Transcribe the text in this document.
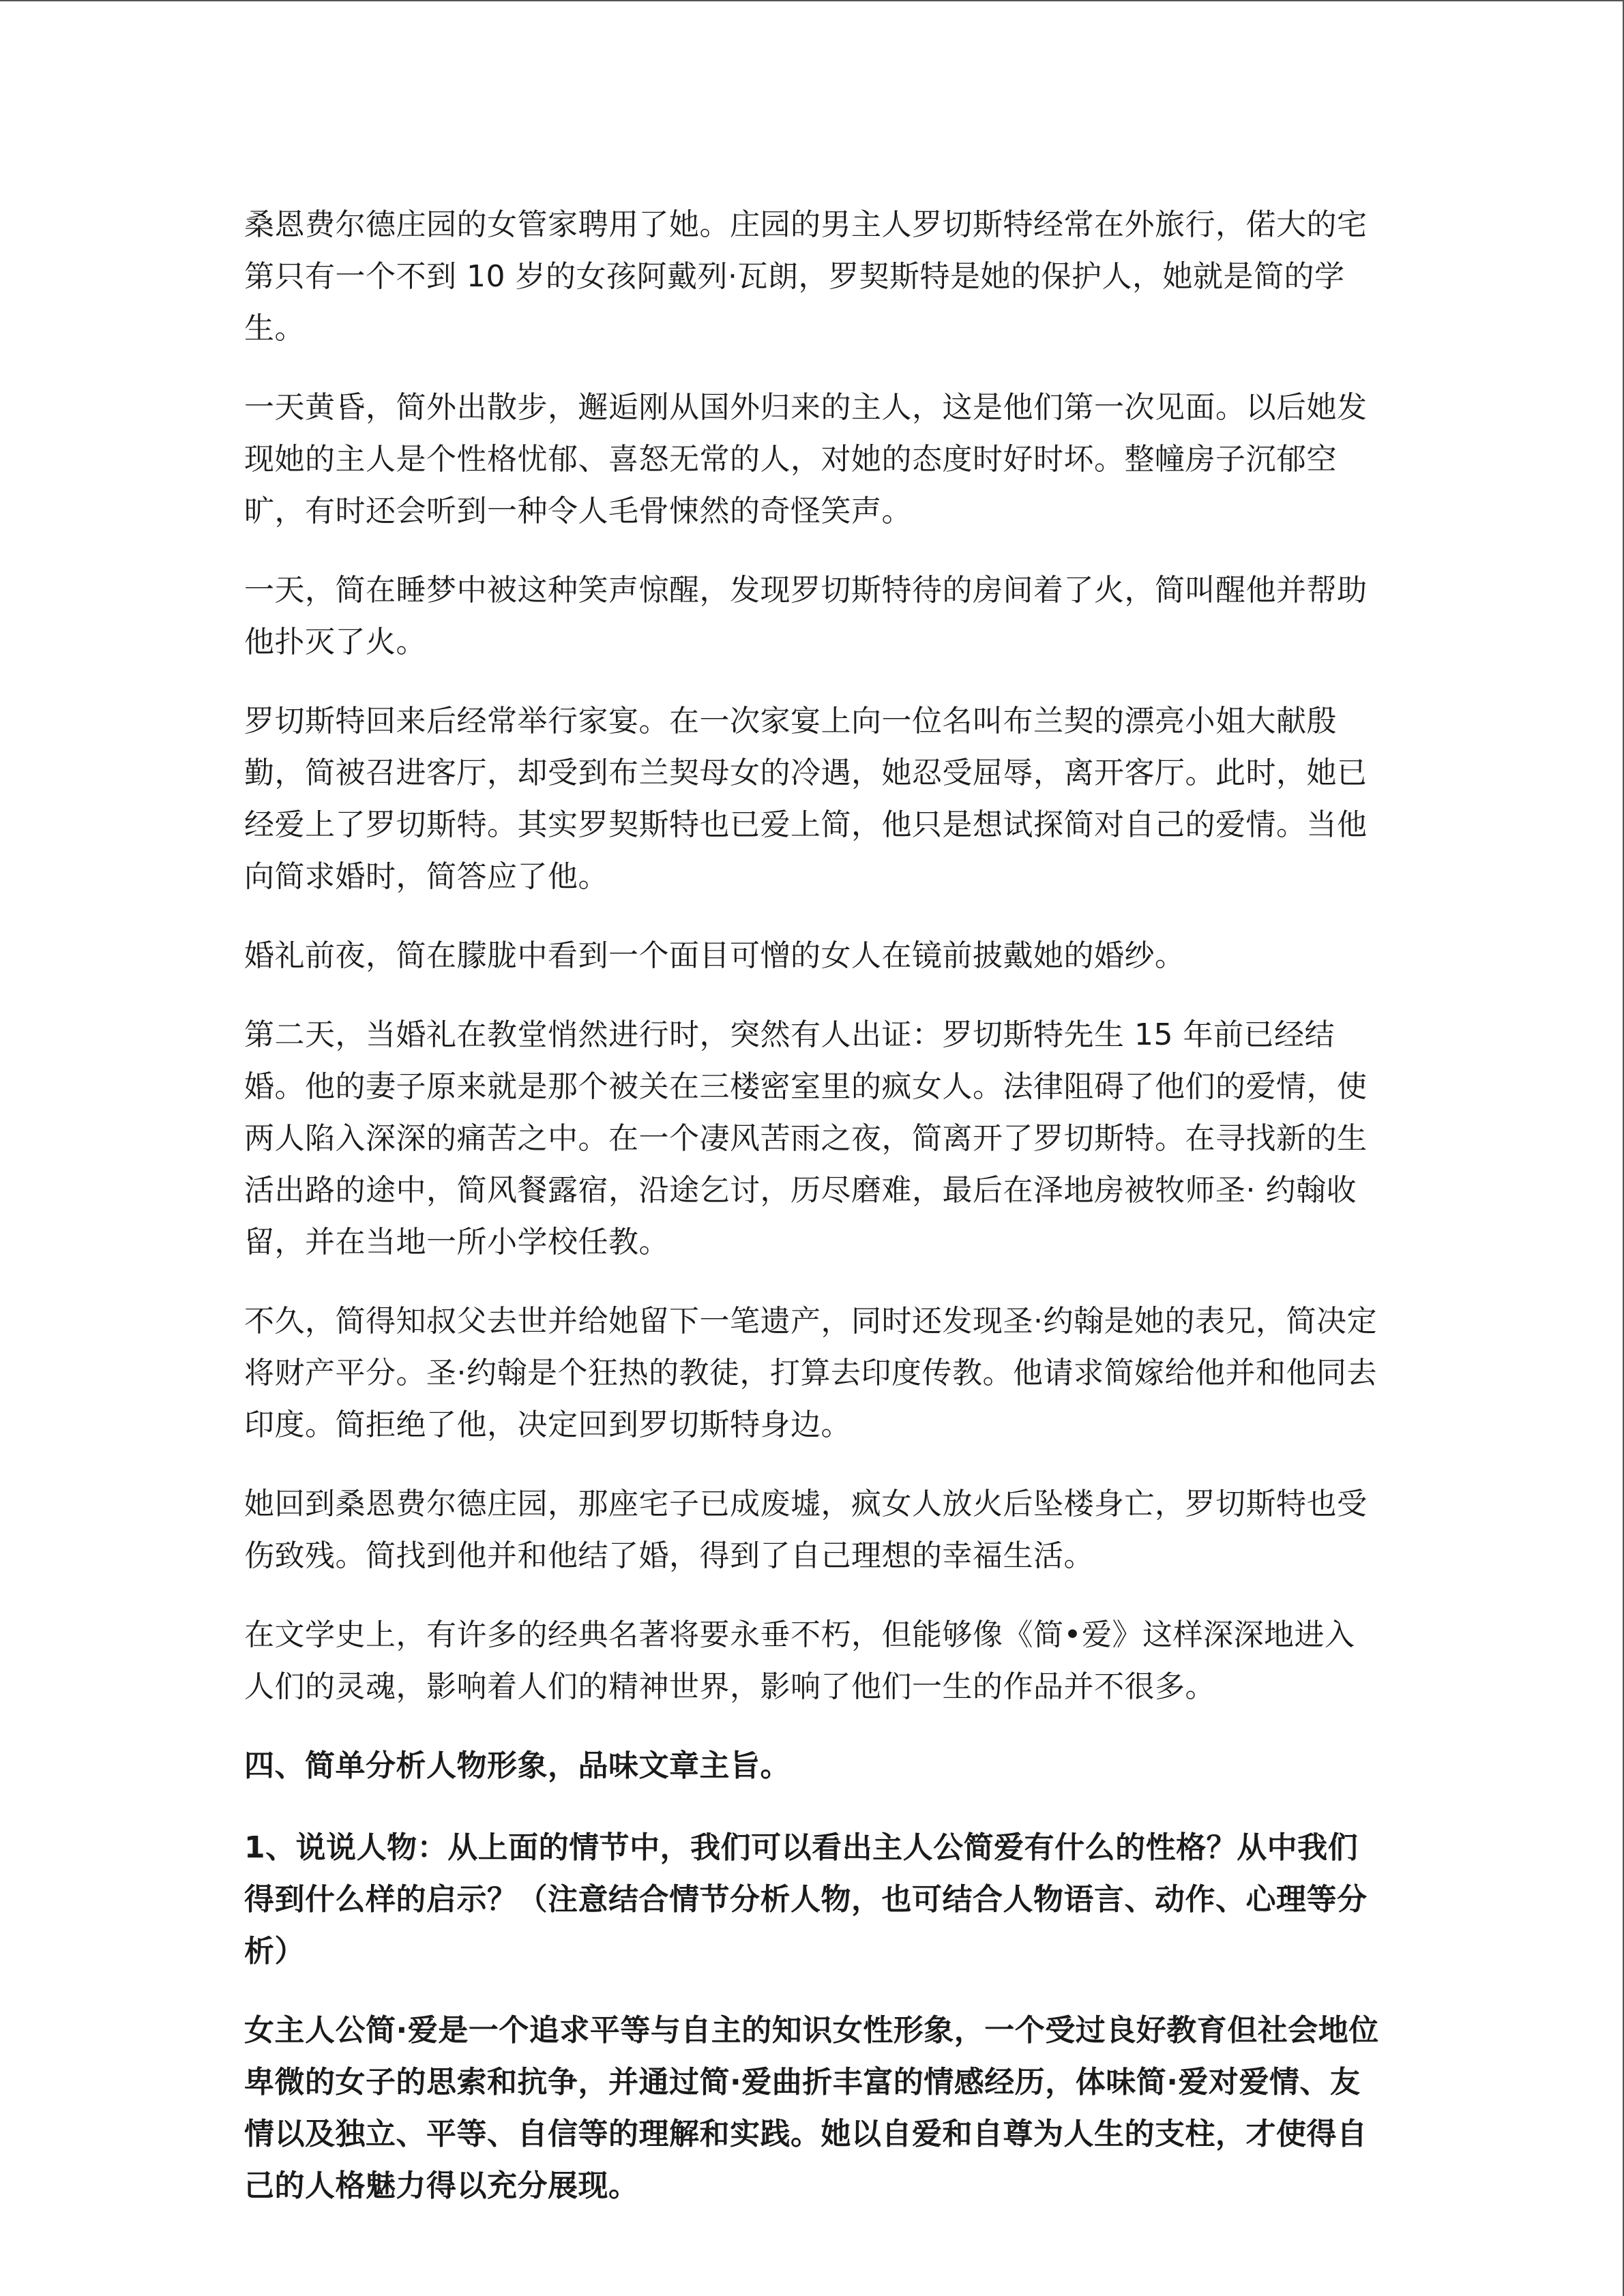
桑恩费尔德庄园的女管家聘用了她。庄园的男主人罗切斯特经常在外旅行，偌大的宅第只有一个不到 10 岁的女孩阿戴列·瓦朗，罗契斯特是她的保护人，她就是简的学生。

一天黄昏，简外出散步，邂逅刚从国外归来的主人，这是他们第一次见面。以后她发现她的主人是个性格忧郁、喜怒无常的人，对她的态度时好时坏。整幢房子沉郁空旷，有时还会听到一种令人毛骨悚然的奇怪笑声。

一天，简在睡梦中被这种笑声惊醒，发现罗切斯特待的房间着了火，简叫醒他并帮助他扑灭了火。

罗切斯特回来后经常举行家宴。在一次家宴上向一位名叫布兰契的漂亮小姐大献殷勤，简被召进客厅，却受到布兰契母女的冷遇，她忍受屈辱，离开客厅。此时，她已经爱上了罗切斯特。其实罗契斯特也已爱上简，他只是想试探简对自己的爱情。当他向简求婚时，简答应了他。

婚礼前夜，简在朦胧中看到一个面目可憎的女人在镜前披戴她的婚纱。

第二天，当婚礼在教堂悄然进行时，突然有人出证：罗切斯特先生 15 年前已经结婚。他的妻子原来就是那个被关在三楼密室里的疯女人。法律阻碍了他们的爱情，使两人陷入深深的痛苦之中。在一个凄风苦雨之夜，简离开了罗切斯特。在寻找新的生活出路的途中，简风餐露宿，沿途乞讨，历尽磨难，最后在泽地房被牧师圣· 约翰收留，并在当地一所小学校任教。

不久，简得知叔父去世并给她留下一笔遗产，同时还发现圣·约翰是她的表兄，简决定将财产平分。圣·约翰是个狂热的教徒，打算去印度传教。他请求简嫁给他并和他同去印度。简拒绝了他，决定回到罗切斯特身边。

她回到桑恩费尔德庄园，那座宅子已成废墟，疯女人放火后坠楼身亡，罗切斯特也受伤致残。简找到他并和他结了婚，得到了自己理想的幸福生活。

在文学史上，有许多的经典名著将要永垂不朽，但能够像《简•爱》这样深深地进入人们的灵魂，影响着人们的精神世界，影响了他们一生的作品并不很多。

四、简单分析人物形象，品味文章主旨。

1、说说人物：从上面的情节中，我们可以看出主人公简爱有什么的性格？从中我们得到什么样的启示？（注意结合情节分析人物，也可结合人物语言、动作、心理等分析）

女主人公简·爱是一个追求平等与自主的知识女性形象，一个受过良好教育但社会地位卑微的女子的思索和抗争，并通过简·爱曲折丰富的情感经历，体味简·爱对爱情、友情以及独立、平等、自信等的理解和实践。她以自爱和自尊为人生的支柱，才使得自己的人格魅力得以充分展现。
